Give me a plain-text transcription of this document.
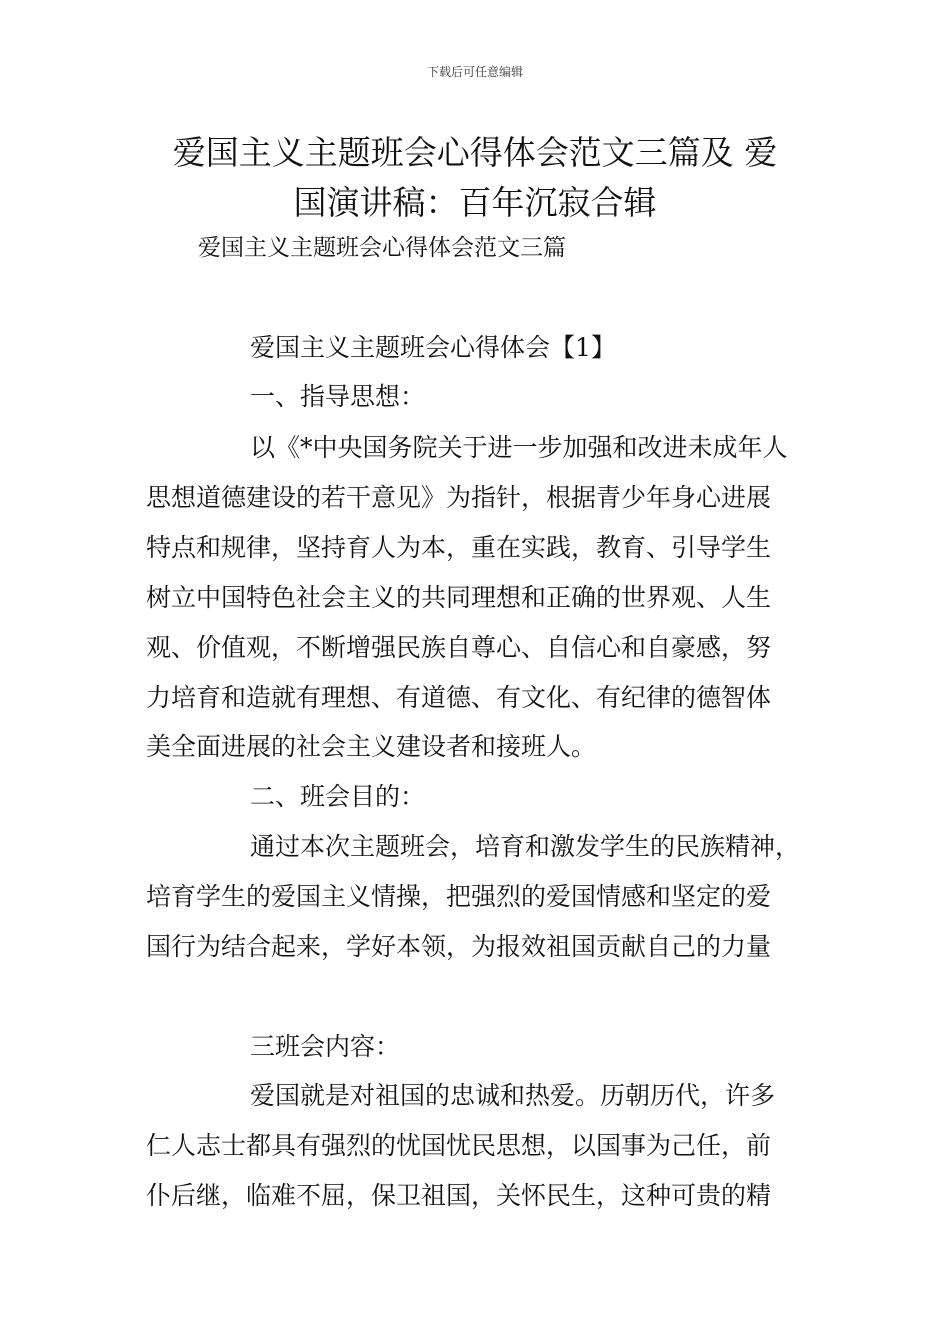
下载后可任意编辑
爱国主义主题班会心得体会范文三篇及 爱
国演讲稿：百年沉寂合辑
爱国主义主题班会心得体会范文三篇
爱国主义主题班会心得体会【1】
一、指导思想：
以《*中央国务院关于进一步加强和改进未成年人
思想道德建设的若干意见》为指针，根据青少年身心进展
特点和规律，坚持育人为本，重在实践，教育、引导学生
树立中国特色社会主义的共同理想和正确的世界观、人生
观、价值观，不断增强民族自尊心、自信心和自豪感，努
力培育和造就有理想、有道德、有文化、有纪律的德智体
美全面进展的社会主义建设者和接班人。
二、班会目的：
通过本次主题班会，培育和激发学生的民族精神，
培育学生的爱国主义情操，把强烈的爱国情感和坚定的爱
国行为结合起来，学好本领，为报效祖国贡献自己的力量
三班会内容：
爱国就是对祖国的忠诚和热爱。历朝历代，许多
仁人志士都具有强烈的忧国忧民思想，以国事为己任，前
仆后继，临难不屈，保卫祖国，关怀民生，这种可贵的精
